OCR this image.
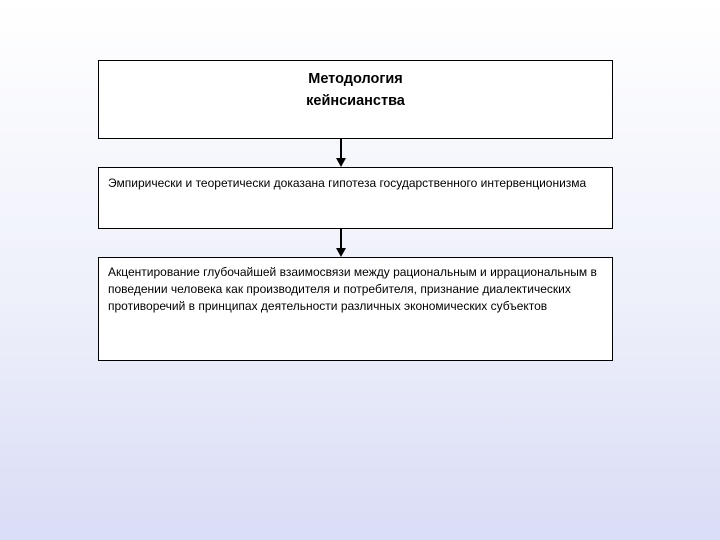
Методология
кейнсианства
Эмпирически и теоретически доказана гипотеза государственного интервенционизма
Акцентирование глубочайшей взаимосвязи между рациональным и иррациональным в поведении человека как производителя и потребителя, признание диалектических противоречий в принципах деятельности различных экономических субъектов
